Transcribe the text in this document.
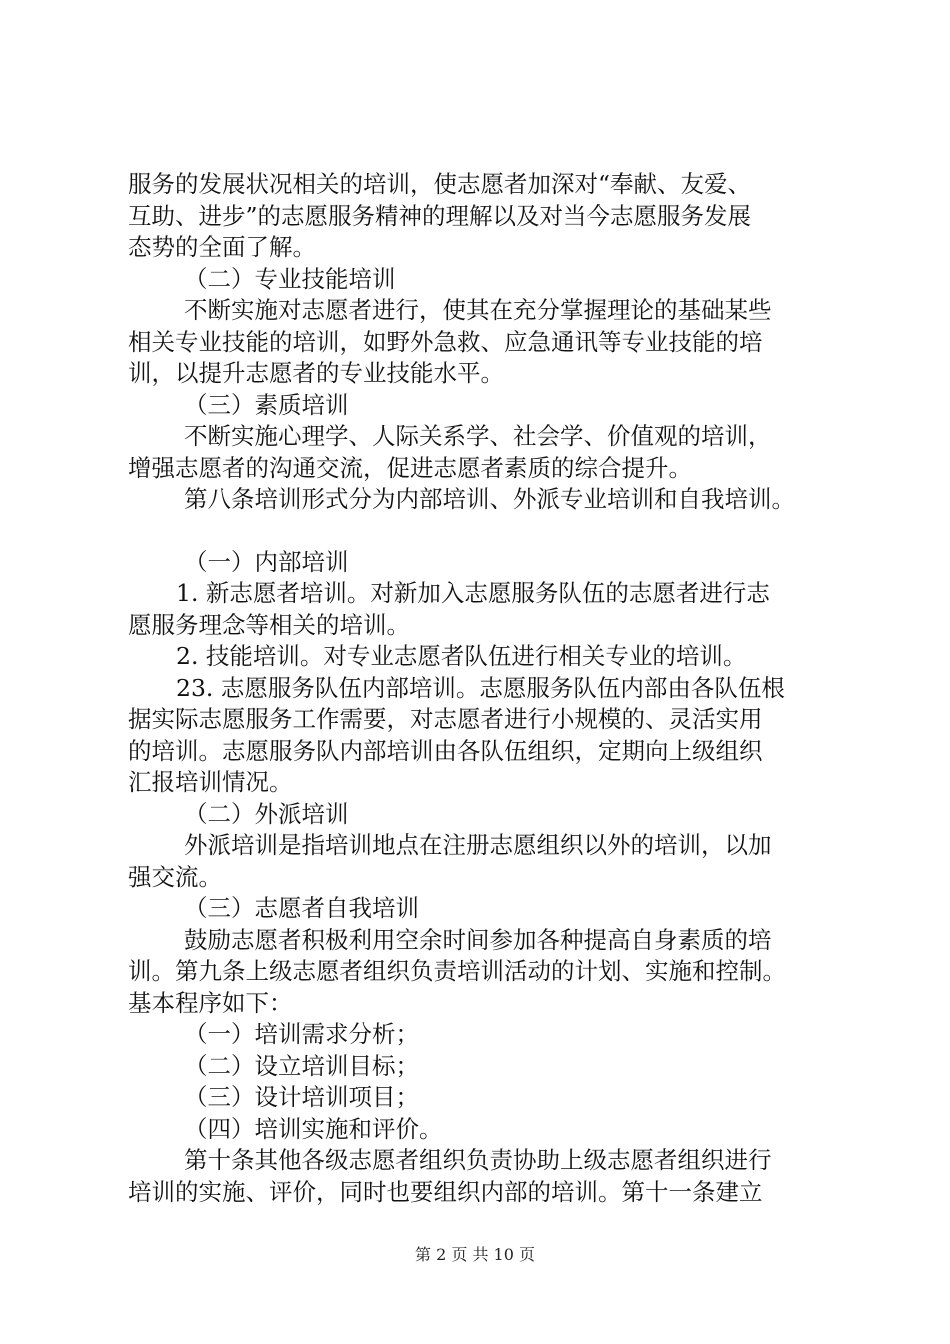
服务的发展状况相关的培训，使志愿者加深对“奉献、友爱、
互助、进步”的志愿服务精神的理解以及对当今志愿服务发展
态势的全面了解。
（二）专业技能培训
不断实施对志愿者进行，使其在充分掌握理论的基础某些
相关专业技能的培训，如野外急救、应急通讯等专业技能的培
训，以提升志愿者的专业技能水平。
（三）素质培训
不断实施心理学、人际关系学、社会学、价值观的培训，
增强志愿者的沟通交流，促进志愿者素质的综合提升。
第八条培训形式分为内部培训、外派专业培训和自我培训。
（一）内部培训
1. 新志愿者培训。对新加入志愿服务队伍的志愿者进行志
愿服务理念等相关的培训。
2. 技能培训。对专业志愿者队伍进行相关专业的培训。
23. 志愿服务队伍内部培训。志愿服务队伍内部由各队伍根
据实际志愿服务工作需要，对志愿者进行小规模的、灵活实用
的培训。志愿服务队内部培训由各队伍组织，定期向上级组织
汇报培训情况。
（二）外派培训
外派培训是指培训地点在注册志愿组织以外的培训，以加
强交流。
（三）志愿者自我培训
鼓励志愿者积极利用空余时间参加各种提高自身素质的培
训。第九条上级志愿者组织负责培训活动的计划、实施和控制。
基本程序如下：
（一）培训需求分析；
（二）设立培训目标；
（三）设计培训项目；
（四）培训实施和评价。
第十条其他各级志愿者组织负责协助上级志愿者组织进行
培训的实施、评价，同时也要组织内部的培训。第十一条建立
第 2 页 共 10 页
